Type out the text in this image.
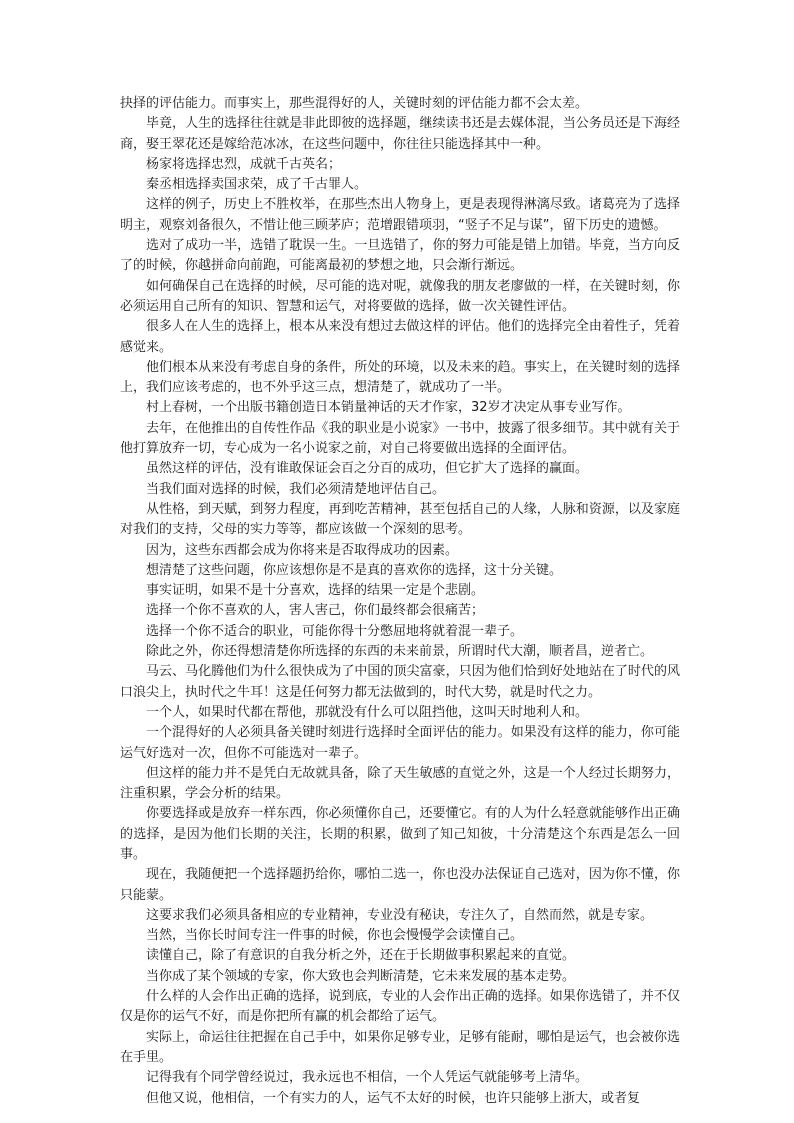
抉择的评估能力。而事实上，那些混得好的人，关键时刻的评估能力都不会太差。

毕竟，人生的选择往往就是非此即彼的选择题，继续读书还是去媒体混，当公务员还是下海经商，娶王翠花还是嫁给范冰冰，在这些问题中，你往往只能选择其中一种。

杨家将选择忠烈，成就千古英名；

秦丞相选择卖国求荣，成了千古罪人。

这样的例子，历史上不胜枚举，在那些杰出人物身上，更是表现得淋漓尽致。诸葛亮为了选择明主，观察刘备很久，不惜让他三顾茅庐；范增跟错项羽，“竖子不足与谋”，留下历史的遗憾。

选对了成功一半，选错了耽误一生。一旦选错了，你的努力可能是错上加错。毕竟，当方向反了的时候，你越拼命向前跑，可能离最初的梦想之地，只会渐行渐远。

如何确保自己在选择的时候，尽可能的选对呢，就像我的朋友老廖做的一样，在关键时刻，你必须运用自己所有的知识、智慧和运气，对将要做的选择，做一次关键性评估。

很多人在人生的选择上，根本从来没有想过去做这样的评估。他们的选择完全由着性子，凭着感觉来。

他们根本从来没有考虑自身的条件，所处的环境，以及未来的趋。事实上，在关键时刻的选择上，我们应该考虑的，也不外乎这三点，想清楚了，就成功了一半。

村上春树，一个出版书籍创造日本销量神话的天才作家，32岁才决定从事专业写作。

去年，在他推出的自传性作品《我的职业是小说家》一书中，披露了很多细节。其中就有关于他打算放弃一切，专心成为一名小说家之前，对自己将要做出选择的全面评估。

虽然这样的评估，没有谁敢保证会百之分百的成功，但它扩大了选择的赢面。

当我们面对选择的时候，我们必须清楚地评估自己。

从性格，到天赋，到努力程度，再到吃苦精神，甚至包括自己的人缘，人脉和资源，以及家庭对我们的支持，父母的实力等等，都应该做一个深刻的思考。

因为，这些东西都会成为你将来是否取得成功的因素。

想清楚了这些问题，你应该想你是不是真的喜欢你的选择，这十分关键。

事实证明，如果不是十分喜欢，选择的结果一定是个悲剧。

选择一个你不喜欢的人，害人害己，你们最终都会很痛苦；

选择一个你不适合的职业，可能你得十分憋屈地将就着混一辈子。

除此之外，你还得想清楚你所选择的东西的未来前景，所谓时代大潮，顺者昌，逆者亡。

马云、马化腾他们为什么很快成为了中国的顶尖富豪，只因为他们恰到好处地站在了时代的风口浪尖上，执时代之牛耳！这是任何努力都无法做到的，时代大势，就是时代之力。

一个人，如果时代都在帮他，那就没有什么可以阻挡他，这叫天时地利人和。

一个混得好的人必须具备关键时刻进行选择时全面评估的能力。如果没有这样的能力，你可能运气好选对一次，但你不可能选对一辈子。

但这样的能力并不是凭白无故就具备，除了天生敏感的直觉之外，这是一个人经过长期努力，注重积累，学会分析的结果。

你要选择或是放弃一样东西，你必须懂你自己，还要懂它。有的人为什么轻意就能够作出正确的选择，是因为他们长期的关注，长期的积累，做到了知己知彼，十分清楚这个东西是怎么一回事。

现在，我随便把一个选择题扔给你，哪怕二选一，你也没办法保证自己选对，因为你不懂，你只能蒙。

这要求我们必须具备相应的专业精神，专业没有秘诀，专注久了，自然而然，就是专家。

当然，当你长时间专注一件事的时候，你也会慢慢学会读懂自己。

读懂自己，除了有意识的自我分析之外，还在于长期做事积累起来的直觉。

当你成了某个领域的专家，你大致也会判断清楚，它未来发展的基本走势。

什么样的人会作出正确的选择，说到底，专业的人会作出正确的选择。如果你选错了，并不仅仅是你的运气不好，而是你把所有赢的机会都给了运气。

实际上，命运往往把握在自己手中，如果你足够专业，足够有能耐，哪怕是运气，也会被你选在手里。

记得我有个同学曾经说过，我永远也不相信，一个人凭运气就能够考上清华。

但他又说，他相信，一个有实力的人，运气不太好的时候，也许只能够上浙大，或者复
